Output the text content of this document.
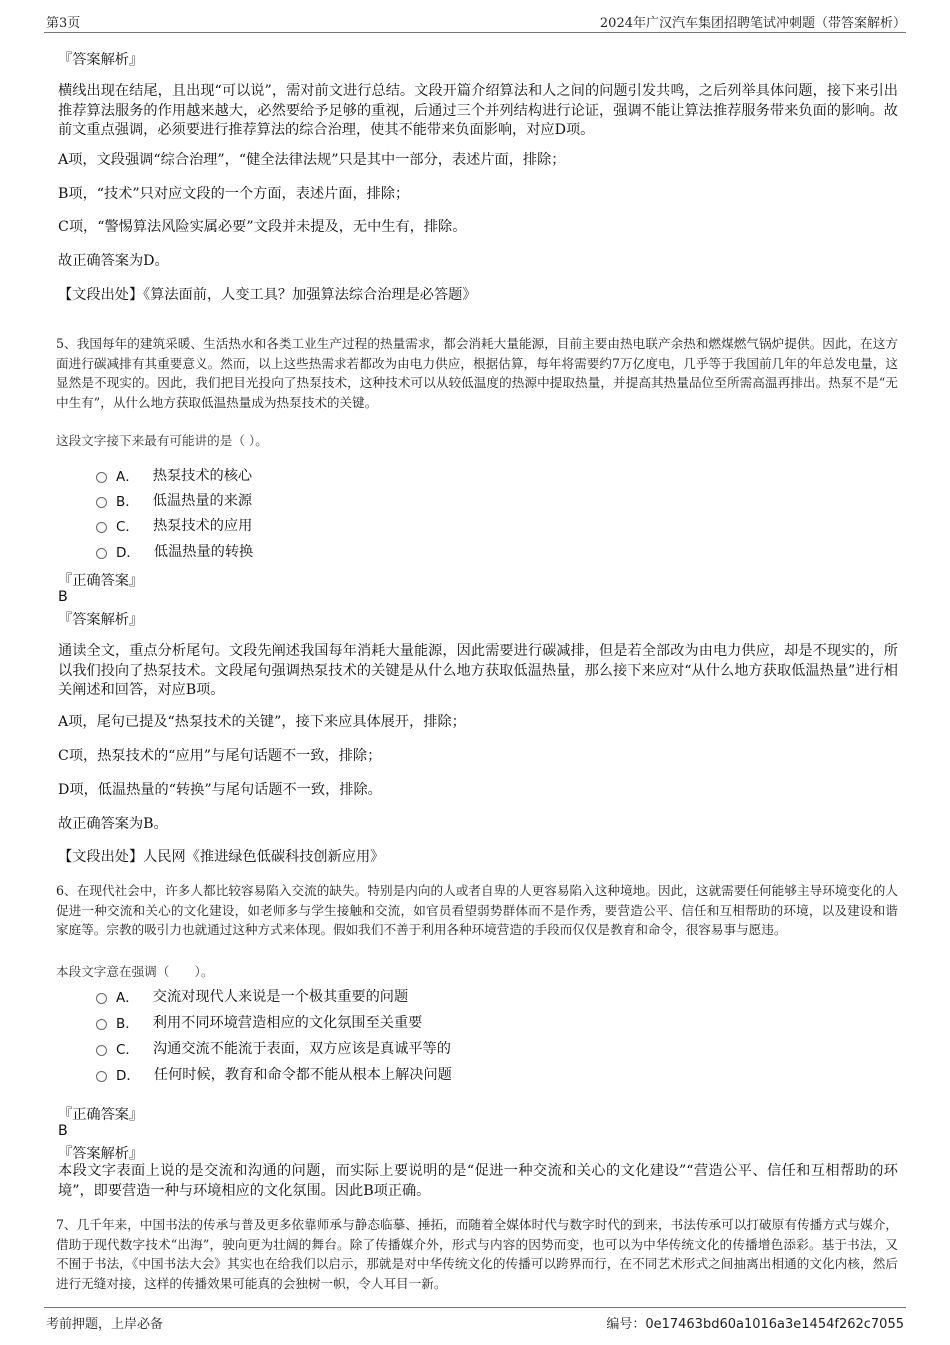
第3页	2024年广汉汽车集团招聘笔试冲刺题（带答案解析）

『答案解析』

横线出现在结尾，且出现“可以说”，需对前文进行总结。文段开篇介绍算法和人之间的问题引发共鸣，之后列举具体问题，接下来引出推荐算法服务的作用越来越大，必然要给予足够的重视，后通过三个并列结构进行论证，强调不能让算法推荐服务带来负面的影响。故前文重点强调，必须要进行推荐算法的综合治理，使其不能带来负面影响，对应D项。

A项，文段强调“综合治理”，“健全法律法规”只是其中一部分，表述片面，排除；

B项，“技术”只对应文段的一个方面，表述片面，排除；

C项，“警惕算法风险实属必要”文段并未提及，无中生有，排除。

故正确答案为D。

【文段出处】《算法面前，人变工具？加强算法综合治理是必答题》

5、我国每年的建筑采暖、生活热水和各类工业生产过程的热量需求，都会消耗大量能源，目前主要由热电联产余热和燃煤燃气锅炉提供。因此，在这方面进行碳减排有其重要意义。然而，以上这些热需求若都改为由电力供应，根据估算，每年将需要约7万亿度电，几乎等于我国前几年的年总发电量，这显然是不现实的。因此，我们把目光投向了热泵技术，这种技术可以从较低温度的热源中提取热量，并提高其热量品位至所需高温再排出。热泵不是“无中生有”，从什么地方获取低温热量成为热泵技术的关键。

这段文字接下来最有可能讲的是（ ）。

A． 热泵技术的核心
B． 低温热量的来源
C． 热泵技术的应用
D． 低温热量的转换

『正确答案』

B

『答案解析』

通读全文，重点分析尾句。文段先阐述我国每年消耗大量能源，因此需要进行碳减排，但是若全部改为由电力供应，却是不现实的，所以我们投向了热泵技术。文段尾句强调热泵技术的关键是从什么地方获取低温热量，那么接下来应对“从什么地方获取低温热量”进行相关阐述和回答，对应B项。

A项，尾句已提及“热泵技术的关键”，接下来应具体展开，排除；

C项，热泵技术的“应用”与尾句话题不一致，排除；

D项，低温热量的“转换”与尾句话题不一致，排除。

故正确答案为B。

【文段出处】人民网《推进绿色低碳科技创新应用》

6、在现代社会中，许多人都比较容易陷入交流的缺失。特别是内向的人或者自卑的人更容易陷入这种境地。因此，这就需要任何能够主导环境变化的人促进一种交流和关心的文化建设，如老师多与学生接触和交流，如官员看望弱势群体而不是作秀，要营造公平、信任和互相帮助的环境，以及建设和谐家庭等。宗教的吸引力也就通过这种方式来体现。假如我们不善于利用各种环境营造的手段而仅仅是教育和命令，很容易事与愿违。

本段文字意在强调（　　）。

A． 交流对现代人来说是一个极其重要的问题
B． 利用不同环境营造相应的文化氛围至关重要
C． 沟通交流不能流于表面，双方应该是真诚平等的
D． 任何时候，教育和命令都不能从根本上解决问题

『正确答案』

B

『答案解析』

本段文字表面上说的是交流和沟通的问题，而实际上要说明的是“促进一种交流和关心的文化建设”“营造公平、信任和互相帮助的环境”，即要营造一种与环境相应的文化氛围。因此B项正确。

7、几千年来，中国书法的传承与普及更多依靠师承与静态临摹、捶拓，而随着全媒体时代与数字时代的到来，书法传承可以打破原有传播方式与媒介，借助于现代数字技术“出海”，驶向更为壮阔的舞台。除了传播媒介外，形式与内容的因势而变，也可以为中华传统文化的传播增色添彩。基于书法，又不囿于书法，《中国书法大会》其实也在给我们以启示，那就是对中华传统文化的传播可以跨界而行，在不同艺术形式之间抽离出相通的文化内核，然后进行无缝对接，这样的传播效果可能真的会独树一帜，令人耳目一新。

考前押题，上岸必备	编号：0e17463bd60a1016a3e1454f262c7055
